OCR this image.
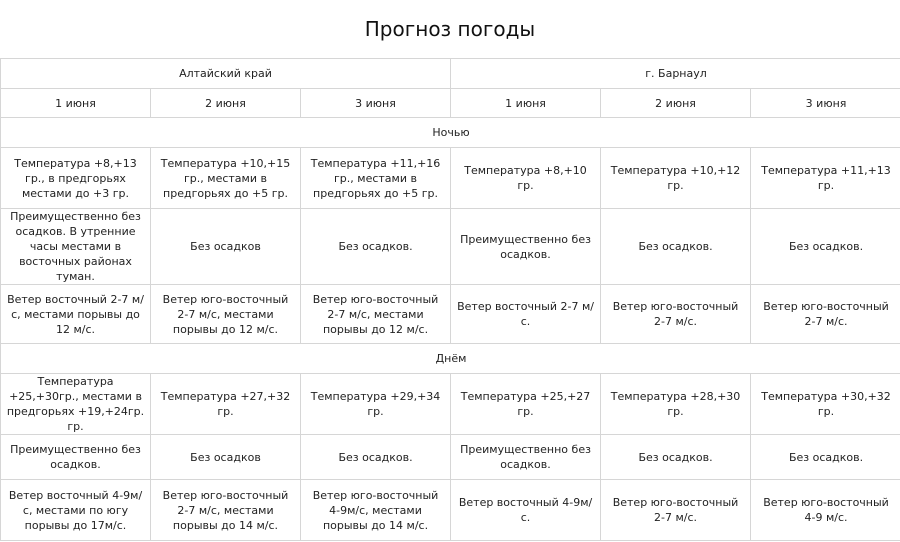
Прогноз погоды
Алтайский край			г. Барнаул		
1 июня	2 июня	3 июня	1 июня	2 июня	3 июня
Ночью					
Температура +8,+13 гр., в предгорьях местами до +3 гр.	Температура +10,+15 гр., местами в предгорьях до +5 гр.	Температура +11,+16 гр., местами в предгорьях до +5 гр.	Температура +8,+10 гр.	Температура +10,+12 гр.	Температура +11,+13 гр.
Преимущественно без осадков. В утренние часы местами в восточных районах туман.	Без осадков	Без осадков.	Преимущественно без осадков.	Без осадков.	Без осадков.
Ветер восточный 2-7 м/с, местами порывы до 12 м/с.	Ветер юго-восточный 2-7 м/с, местами порывы до 12 м/с.	Ветер юго-восточный 2-7 м/с, местами порывы до 12 м/с.	Ветер восточный 2-7 м/с.	Ветер юго-восточный 2-7 м/с.	Ветер юго-восточный 2-7 м/с.
Днём					
Температура +25,+30гр., местами в предгорьях +19,+24гр. гр.	Температура +27,+32 гр.	Температура +29,+34 гр.	Температура +25,+27 гр.	Температура +28,+30 гр.	Температура +30,+32 гр.
Преимущественно без осадков.	Без осадков	Без осадков.	Преимущественно без осадков.	Без осадков.	Без осадков.
Ветер восточный 4-9м/с, местами по югу порывы до 17м/с.	Ветер юго-восточный 2-7 м/с, местами порывы до 14 м/с.	Ветер юго-восточный 4-9м/с, местами порывы до 14 м/с.	Ветер восточный 4-9м/с.	Ветер юго-восточный 2-7 м/с.	Ветер юго-восточный 4-9 м/с.
